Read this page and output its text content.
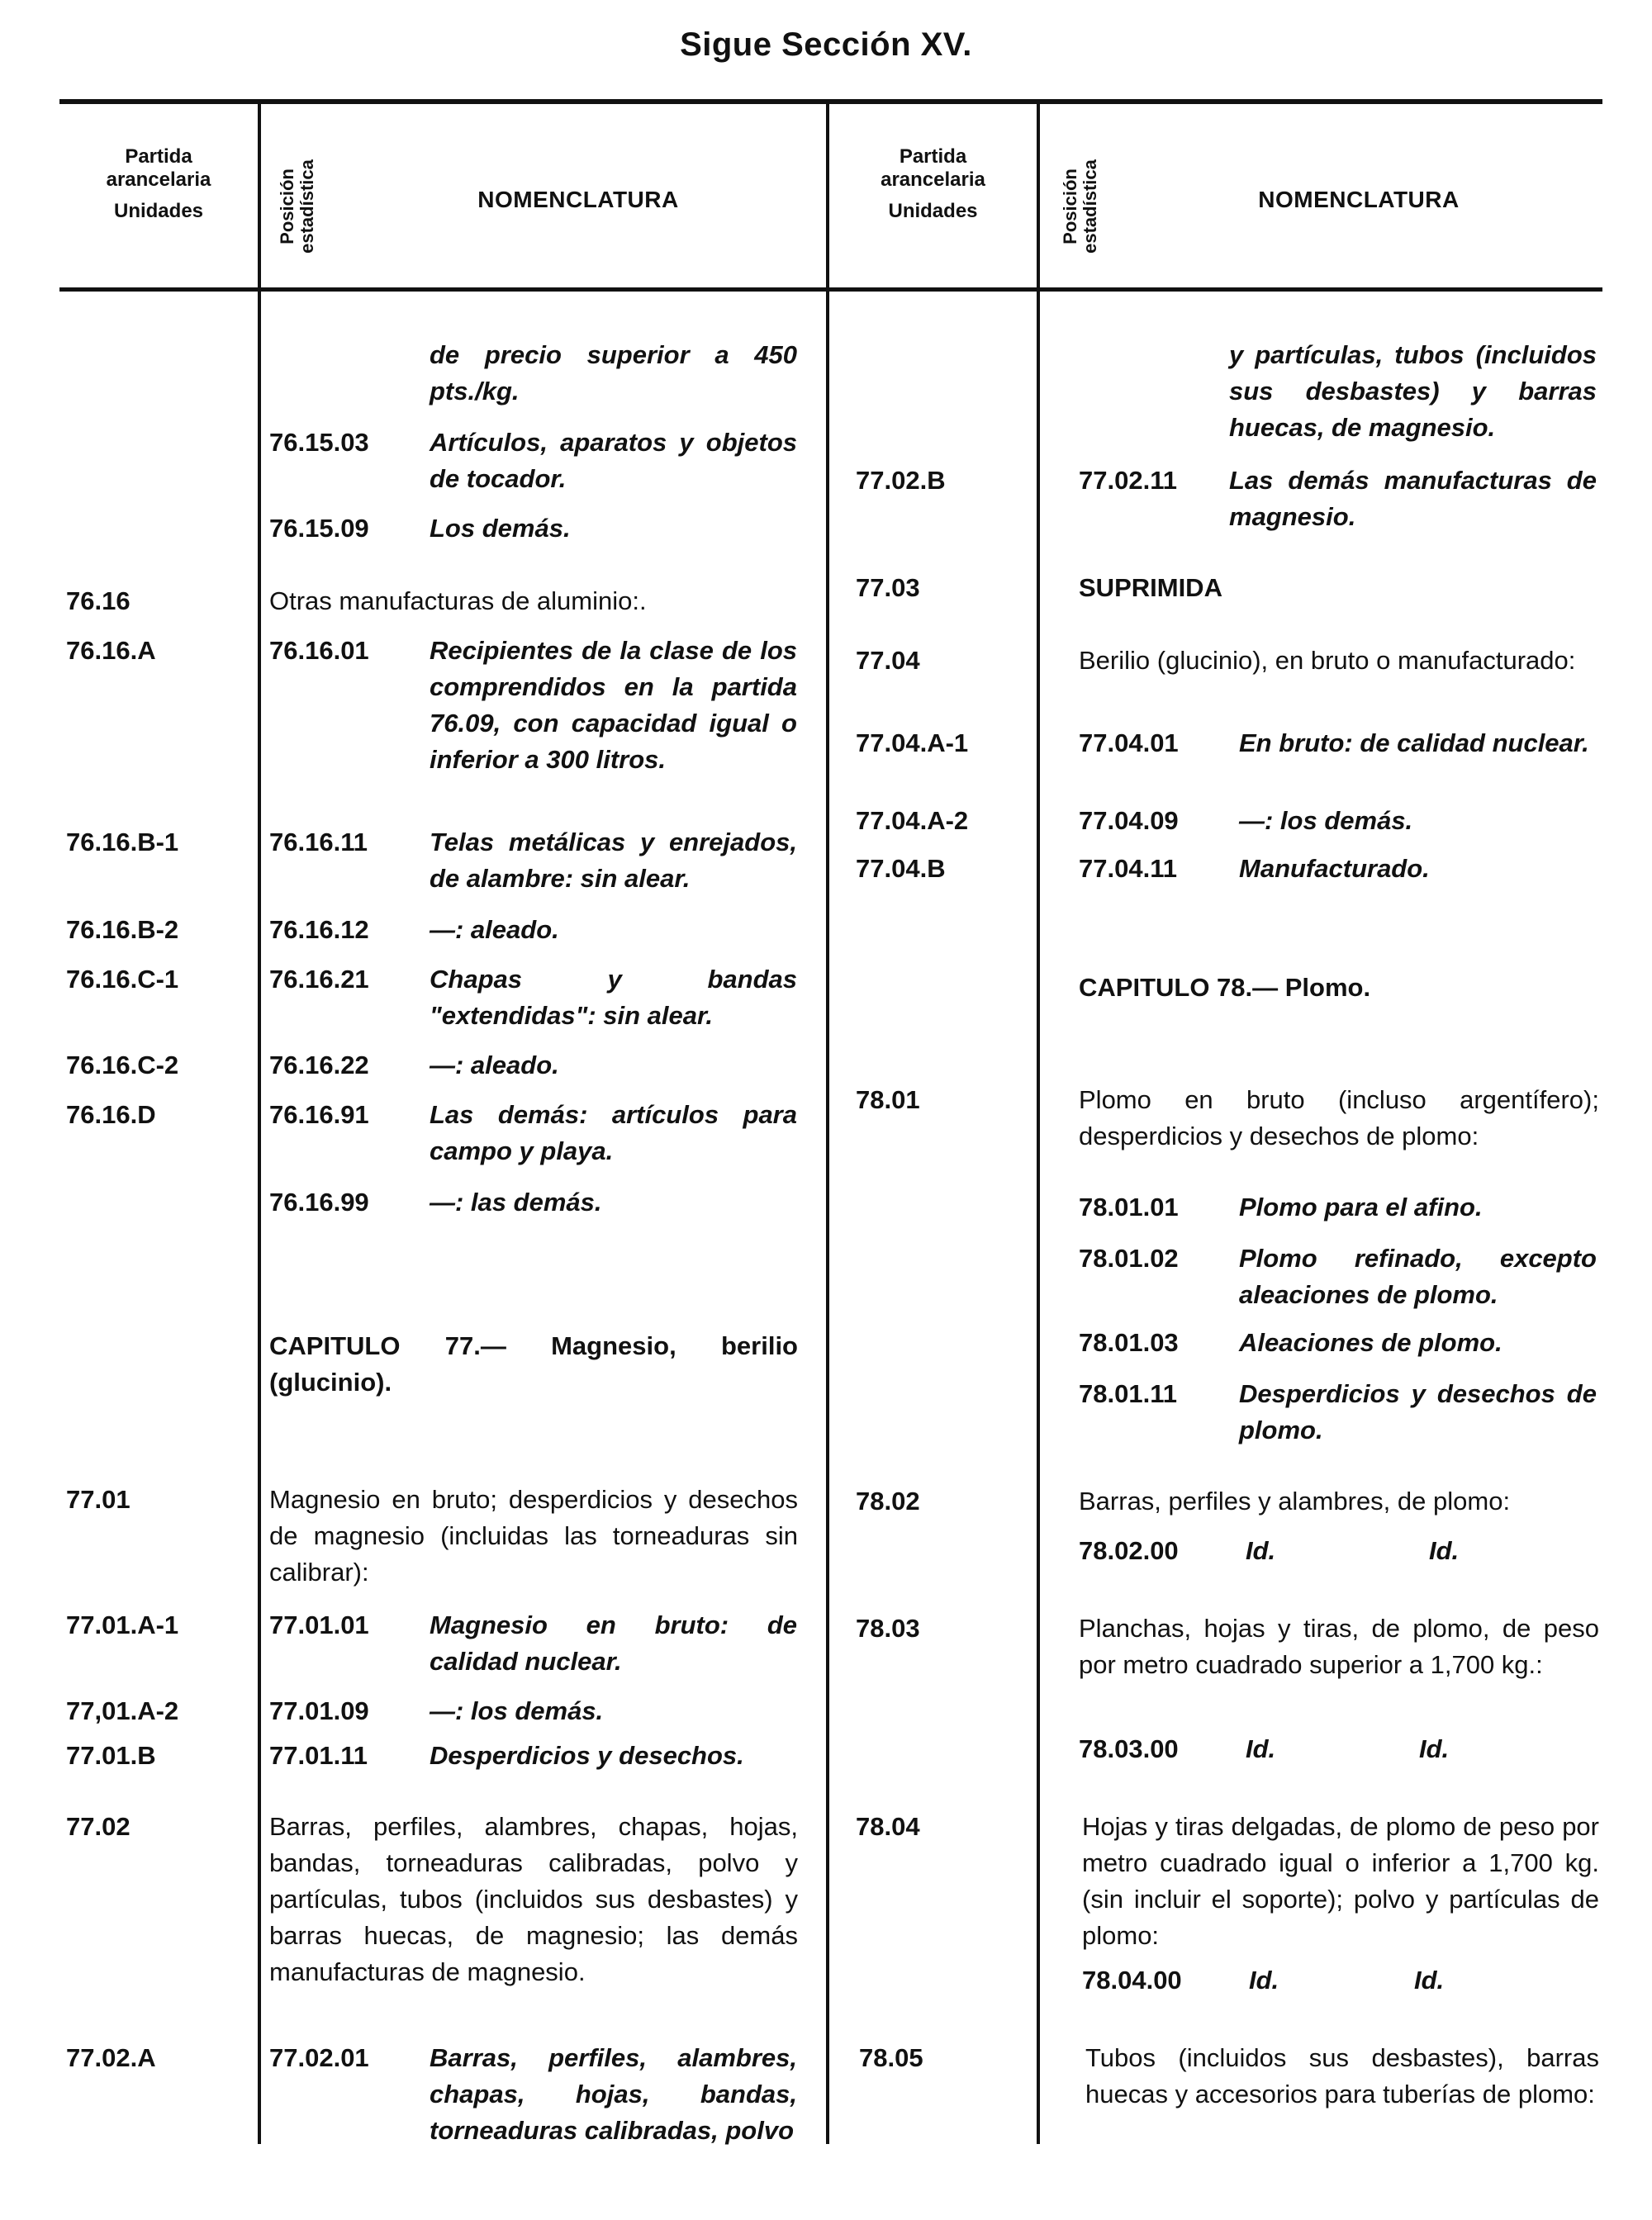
Sigue Sección XV.
Partida
arancelaria
Unidades	Posición estadística	NOMENCLATURA
Partida
arancelaria
Unidades	Posición estadística	NOMENCLATURA
de precio superior a 450 pts./kg.
76.15.03 Artículos, aparatos y objetos de tocador.
76.15.09 Los demás.
76.16	Otras manufacturas de aluminio:.
76.16.A	76.16.01 Recipientes de la clase de los comprendidos en la partida 76.09, con capacidad igual o inferior a 300 litros.
76.16.B-1	76.16.11 Telas metálicas y enrejados, de alambre: sin alear.
76.16.B-2	76.16.12 —: aleado.
76.16.C-1	76.16.21 Chapas y bandas "extendidas": sin alear.
76.16.C-2	76.16.22 —: aleado.
76.16.D	76.16.91 Las demás: artículos para campo y playa.
76.16.99 —: las demás.
CAPITULO 77.— Magnesio, berilio (glucinio).
77.01	Magnesio en bruto; desperdicios y desechos de magnesio (incluidas las torneaduras sin calibrar):
77.01.A-1	77.01.01 Magnesio en bruto: de calidad nuclear.
77,01.A-2	77.01.09 —: los demás.
77.01.B	77.01.11 Desperdicios y desechos.
77.02	Barras, perfiles, alambres, chapas, hojas, bandas, torneaduras calibradas, polvo y partículas, tubos (incluidos sus desbastes) y barras huecas, de magnesio; las demás manufacturas de magnesio.
77.02.A	77.02.01 Barras, perfiles, alambres, chapas, hojas, bandas, torneaduras calibradas, polvo
y partículas, tubos (incluidos sus desbastes) y barras huecas, de magnesio.
77.02.B	77.02.11 Las demás manufacturas de magnesio.
77.03	SUPRIMIDA
77.04	Berilio (glucinio), en bruto o manufacturado:
77.04.A-1	77.04.01 En bruto: de calidad nuclear.
77.04.A-2	77.04.09 —: los demás.
77.04.B	77.04.11 Manufacturado.
CAPITULO 78.— Plomo.
78.01	Plomo en bruto (incluso argentífero); desperdicios y desechos de plomo:
78.01.01 Plomo para el afino.
78.01.02 Plomo refinado, excepto aleaciones de plomo.
78.01.03 Aleaciones de plomo.
78.01.11 Desperdicios y desechos de plomo.
78.02	Barras, perfiles y alambres, de plomo:
78.02.00	Id.	Id.
78.03	Planchas, hojas y tiras, de plomo, de peso por metro cuadrado superior a 1,700 kg.:
78.03.00	Id.	Id.
78.04	Hojas y tiras delgadas, de plomo de peso por metro cuadrado igual o inferior a 1,700 kg. (sin incluir el soporte); polvo y partículas de plomo:
78.04.00	Id.	Id.
78.05	Tubos (incluidos sus desbastes), barras huecas y accesorios para tuberías de plomo:
